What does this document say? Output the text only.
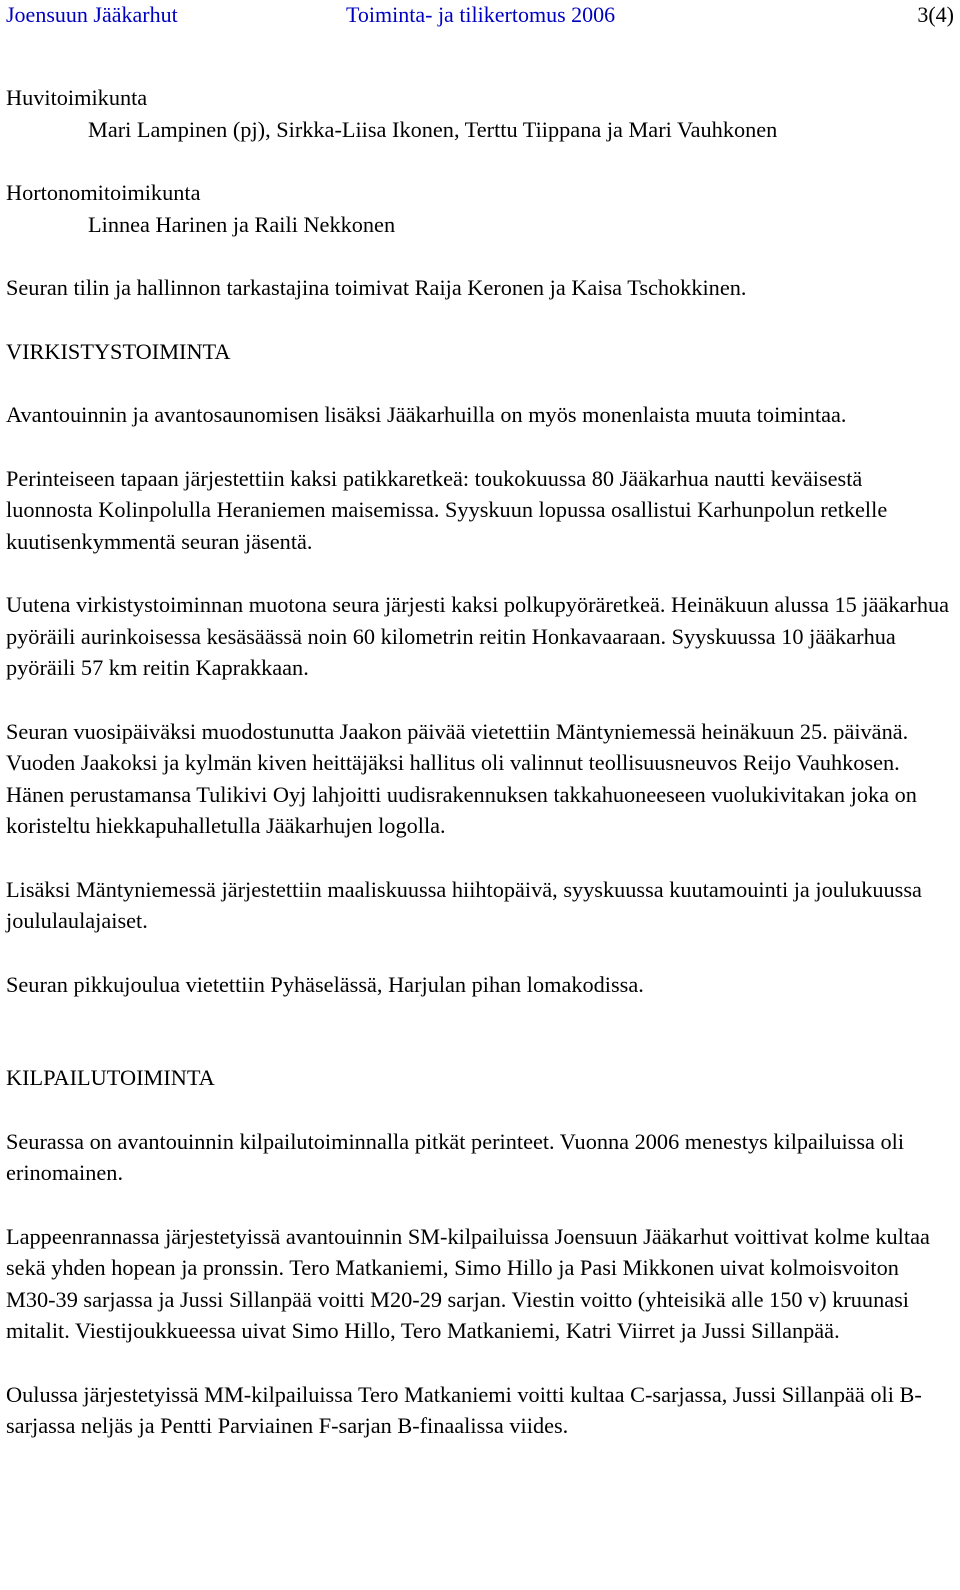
Joensuun Jääkarhut	Toiminta- ja tilikertomus 2006	3(4)
Huvitoimikunta
Mari Lampinen (pj), Sirkka-Liisa Ikonen, Terttu Tiippana ja Mari Vauhkonen
Hortonomitoimikunta
Linnea Harinen ja Raili Nekkonen

Seuran tilin ja hallinnon tarkastajina toimivat Raija Keronen ja Kaisa Tschokkinen.

VIRKISTYSTOIMINTA

Avantouinnin ja avantosaunomisen lisäksi Jääkarhuilla on myös monenlaista muuta toimintaa.

Perinteiseen tapaan järjestettiin kaksi patikkaretkeä: toukokuussa 80 Jääkarhua nautti keväisestä luonnosta Kolinpolulla Heraniemen maisemissa. Syyskuun lopussa osallistui Karhunpolun retkelle kuutisenkymmentä seuran jäsentä.

Uutena virkistystoiminnan muotona seura järjesti kaksi polkupyöräretkeä. Heinäkuun alussa 15 jääkarhua pyöräili aurinkoisessa kesäsäässä noin 60 kilometrin reitin Honkavaaraan. Syyskuussa 10 jääkarhua pyöräili 57 km reitin Kaprakkaan.

Seuran vuosipäiväksi muodostunutta Jaakon päivää vietettiin Mäntyniemessä heinäkuun 25. päivänä. Vuoden Jaakoksi ja kylmän kiven heittäjäksi hallitus oli valinnut teollisuusneuvos Reijo Vauhkosen. Hänen perustamansa Tulikivi Oyj lahjoitti uudisrakennuksen takkahuoneeseen vuolukivitakan joka on koristeltu hiekkapuhalletulla Jääkarhujen logolla.

Lisäksi Mäntyniemessä järjestettiin maaliskuussa hiihtopäivä, syyskuussa kuutamouinti ja joulukuussa joululaulajaiset.

Seuran pikkujoulua vietettiin Pyhäselässä, Harjulan pihan lomakodissa.

KILPAILUTOIMINTA

Seurassa on avantouinnin kilpailutoiminnalla pitkät perinteet. Vuonna 2006 menestys kilpailuissa oli erinomainen.

Lappeenrannassa järjestetyissä avantouinnin SM-kilpailuissa Joensuun Jääkarhut voittivat kolme kultaa sekä yhden hopean ja pronssin. Tero Matkaniemi, Simo Hillo ja Pasi Mikkonen uivat kolmoisvoiton M30-39 sarjassa ja Jussi Sillanpää voitti M20-29 sarjan. Viestin voitto (yhteisikä alle 150 v) kruunasi mitalit. Viestijoukkueessa uivat Simo Hillo, Tero Matkaniemi, Katri Viirret ja Jussi Sillanpää.

Oulussa järjestetyissä MM-kilpailuissa Tero Matkaniemi voitti kultaa C-sarjassa, Jussi Sillanpää oli B-sarjassa neljäs ja Pentti Parviainen F-sarjan B-finaalissa viides.
